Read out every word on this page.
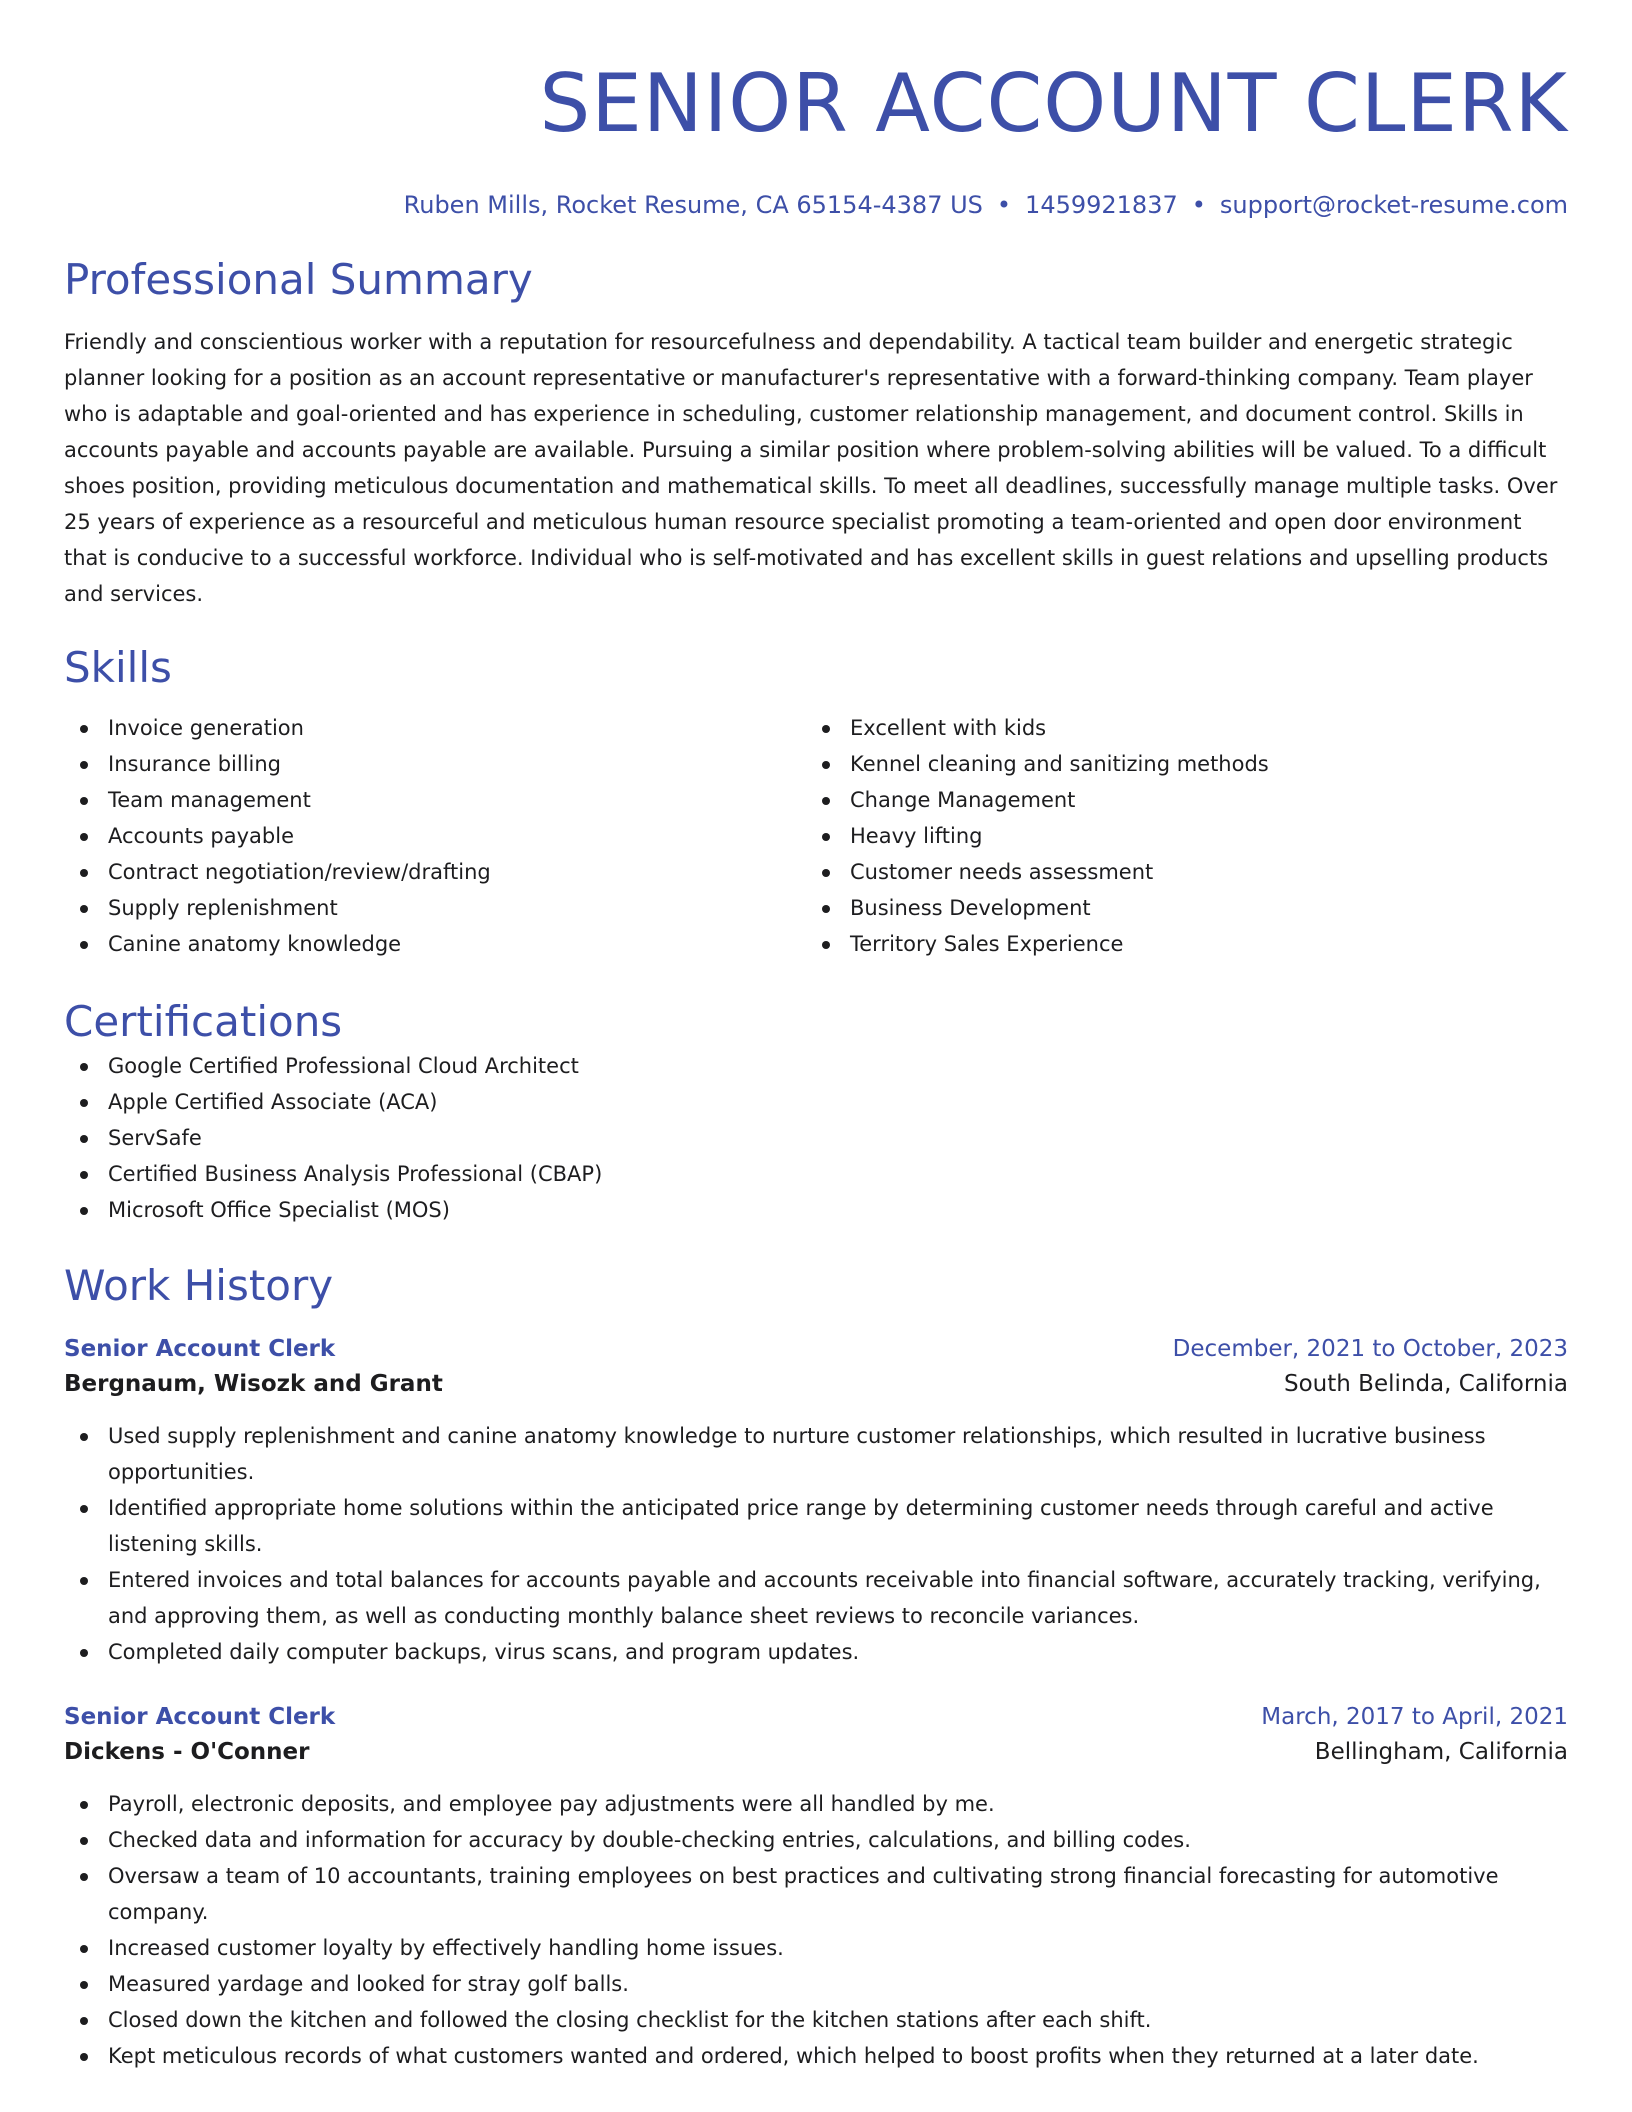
SENIOR ACCOUNT CLERK
Ruben Mills, Rocket Resume, CA 65154-4387 US • 1459921837 • support@rocket-resume.com
Professional Summary
Friendly and conscientious worker with a reputation for resourcefulness and dependability. A tactical team builder and energetic strategic planner looking for a position as an account representative or manufacturer's representative with a forward-thinking company. Team player who is adaptable and goal-oriented and has experience in scheduling, customer relationship management, and document control. Skills in accounts payable and accounts payable are available. Pursuing a similar position where problem-solving abilities will be valued. To a difficult shoes position, providing meticulous documentation and mathematical skills. To meet all deadlines, successfully manage multiple tasks. Over 25 years of experience as a resourceful and meticulous human resource specialist promoting a team-oriented and open door environment that is conducive to a successful workforce. Individual who is self-motivated and has excellent skills in guest relations and upselling products and services.
Skills
Invoice generation
Insurance billing
Team management
Accounts payable
Contract negotiation/review/drafting
Supply replenishment
Canine anatomy knowledge
Excellent with kids
Kennel cleaning and sanitizing methods
Change Management
Heavy lifting
Customer needs assessment
Business Development
Territory Sales Experience
Certifications
Google Certified Professional Cloud Architect
Apple Certified Associate (ACA)
ServSafe
Certified Business Analysis Professional (CBAP)
Microsoft Office Specialist (MOS)
Work History
Senior Account Clerk	December, 2021 to October, 2023
Bergnaum, Wisozk and Grant	South Belinda, California
Used supply replenishment and canine anatomy knowledge to nurture customer relationships, which resulted in lucrative business opportunities.
Identified appropriate home solutions within the anticipated price range by determining customer needs through careful and active listening skills.
Entered invoices and total balances for accounts payable and accounts receivable into financial software, accurately tracking, verifying, and approving them, as well as conducting monthly balance sheet reviews to reconcile variances.
Completed daily computer backups, virus scans, and program updates.
Senior Account Clerk	March, 2017 to April, 2021
Dickens - O'Conner	Bellingham, California
Payroll, electronic deposits, and employee pay adjustments were all handled by me.
Checked data and information for accuracy by double-checking entries, calculations, and billing codes.
Oversaw a team of 10 accountants, training employees on best practices and cultivating strong financial forecasting for automotive company.
Increased customer loyalty by effectively handling home issues.
Measured yardage and looked for stray golf balls.
Closed down the kitchen and followed the closing checklist for the kitchen stations after each shift.
Kept meticulous records of what customers wanted and ordered, which helped to boost profits when they returned at a later date.
